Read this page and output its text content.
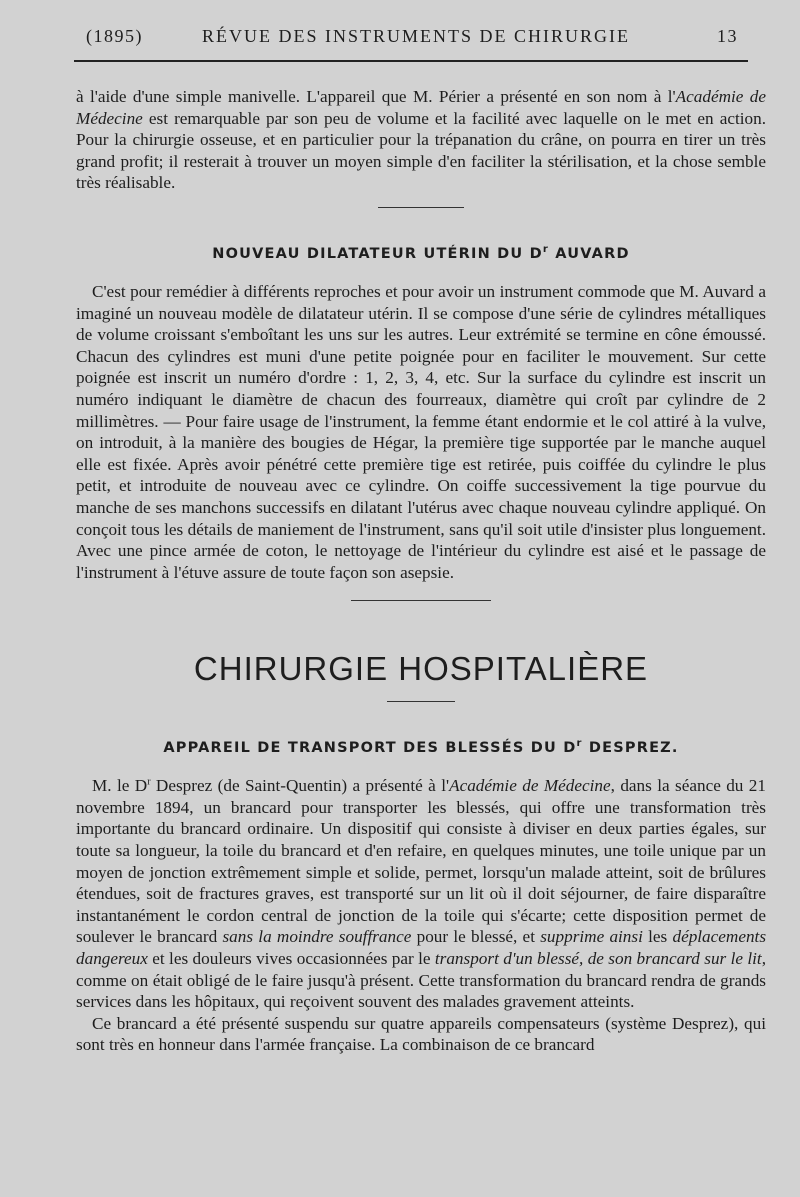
(1895)	RÉVUE DES INSTRUMENTS DE CHIRURGIE	13

à l'aide d'une simple manivelle. L'appareil que M. Périer a présenté en son nom à l'Académie de Médecine est remarquable par son peu de volume et la facilité avec laquelle on le met en action. Pour la chirurgie osseuse, et en particulier pour la trépanation du crâne, on pourra en tirer un très grand profit; il resterait à trouver un moyen simple d'en faciliter la stérilisation, et la chose semble très réalisable.

NOUVEAU DILATATEUR UTÉRIN DU $D^r$ AUVARD

C'est pour remédier à différents reproches et pour avoir un instrument commode que M. Auvard a imaginé un nouveau modèle de dilatateur utérin. Il se compose d'une série de cylindres métalliques de volume croissant s'emboîtant les uns sur les autres. Leur extrémité se termine en cône émoussé. Chacun des cylindres est muni d'une petite poignée pour en faciliter le mouvement. Sur cette poignée est inscrit un numéro d'ordre : 1, 2, 3, 4, etc. Sur la surface du cylindre est inscrit un numéro indiquant le diamètre de chacun des fourreaux, diamètre qui croît par cylindre de 2 millimètres. — Pour faire usage de l'instrument, la femme étant endormie et le col attiré à la vulve, on introduit, à la manière des bougies de Hégar, la première tige supportée par le manche auquel elle est fixée. Après avoir pénétré cette première tige est retirée, puis coiffée du cylindre le plus petit, et introduite de nouveau avec ce cylindre. On coiffe successivement la tige pourvue du manche de ses manchons successifs en dilatant l'utérus avec chaque nouveau cylindre appliqué. On conçoit tous les détails de maniement de l'instrument, sans qu'il soit utile d'insister plus longuement. Avec une pince armée de coton, le nettoyage de l'intérieur du cylindre est aisé et le passage de l'instrument à l'étuve assure de toute façon son asepsie.

CHIRURGIE HOSPITALIÈRE
APPAREIL DE TRANSPORT DES BLESSÉS DU $D^r$ DESPREZ.

M. le $D^r$ Desprez (de Saint-Quentin) a présenté à l'Académie de Médecine, dans la séance du 21 novembre 1894, un brancard pour transporter les blessés, qui offre une transformation très importante du brancard ordinaire. Un dispositif qui consiste à diviser en deux parties égales, sur toute sa longueur, la toile du brancard et d'en refaire, en quelques minutes, une toile unique par un moyen de jonction extrêmement simple et solide, permet, lorsqu'un malade atteint, soit de brûlures étendues, soit de fractures graves, est transporté sur un lit où il doit séjourner, de faire disparaître instantanément le cordon central de jonction de la toile qui s'écarte; cette disposition permet de soulever le brancard sans la moindre souffrance pour le blessé, et supprime ainsi les déplacements dangereux et les douleurs vives occasionnées par le transport d'un blessé, de son brancard sur le lit, comme on était obligé de le faire jusqu'à présent. Cette transformation du brancard rendra de grands services dans les hôpitaux, qui reçoivent souvent des malades gravement atteints.

Ce brancard a été présenté suspendu sur quatre appareils compensateurs (système Desprez), qui sont très en honneur dans l'armée française. La combinaison de ce brancard
